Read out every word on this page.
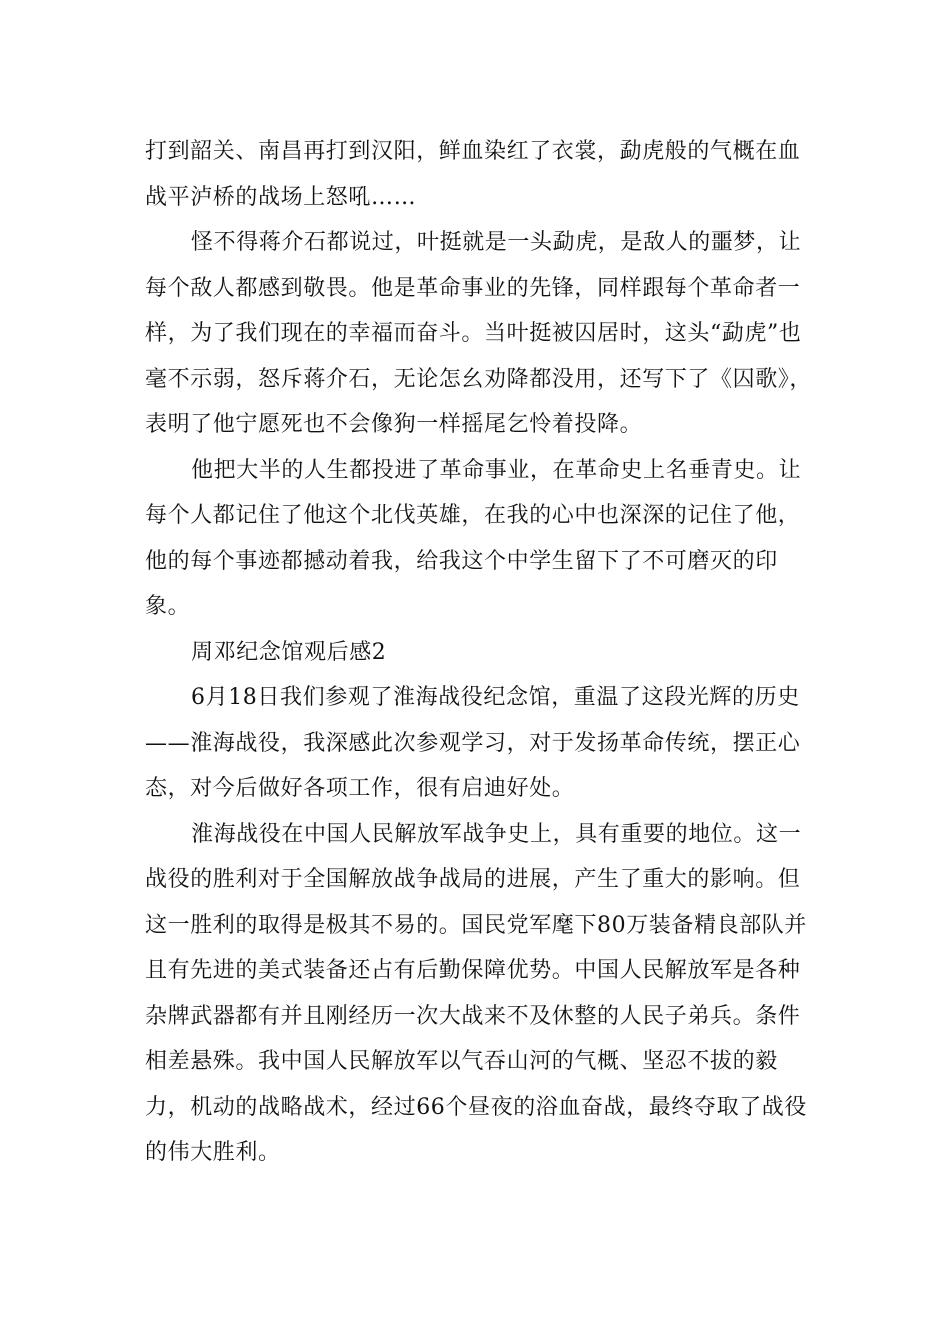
打到韶关、南昌再打到汉阳，鲜血染红了衣裳，勐虎般的气概在血战平泸桥的战场上怒吼……

怪不得蒋介石都说过，叶挺就是一头勐虎，是敌人的噩梦，让每个敌人都感到敬畏。他是革命事业的先锋，同样跟每个革命者一样，为了我们现在的幸福而奋斗。当叶挺被囚居时，这头“勐虎”也毫不示弱，怒斥蒋介石，无论怎幺劝降都没用，还写下了《囚歌》，表明了他宁愿死也不会像狗一样摇尾乞怜着投降。

他把大半的人生都投进了革命事业，在革命史上名垂青史。让每个人都记住了他这个北伐英雄，在我的心中也深深的记住了他，他的每个事迹都撼动着我，给我这个中学生留下了不可磨灭的印象。

周邓纪念馆观后感2

6月18日我们参观了淮海战役纪念馆，重温了这段光辉的历史——淮海战役，我深感此次参观学习，对于发扬革命传统，摆正心态，对今后做好各项工作，很有启迪好处。

淮海战役在中国人民解放军战争史上，具有重要的地位。这一战役的胜利对于全国解放战争战局的进展，产生了重大的影响。但这一胜利的取得是极其不易的。国民党军麾下80万装备精良部队并且有先进的美式装备还占有后勤保障优势。中国人民解放军是各种杂牌武器都有并且刚经历一次大战来不及休整的人民子弟兵。条件相差悬殊。我中国人民解放军以气吞山河的气概、坚忍不拔的毅力，机动的战略战术，经过66个昼夜的浴血奋战，最终夺取了战役的伟大胜利。
